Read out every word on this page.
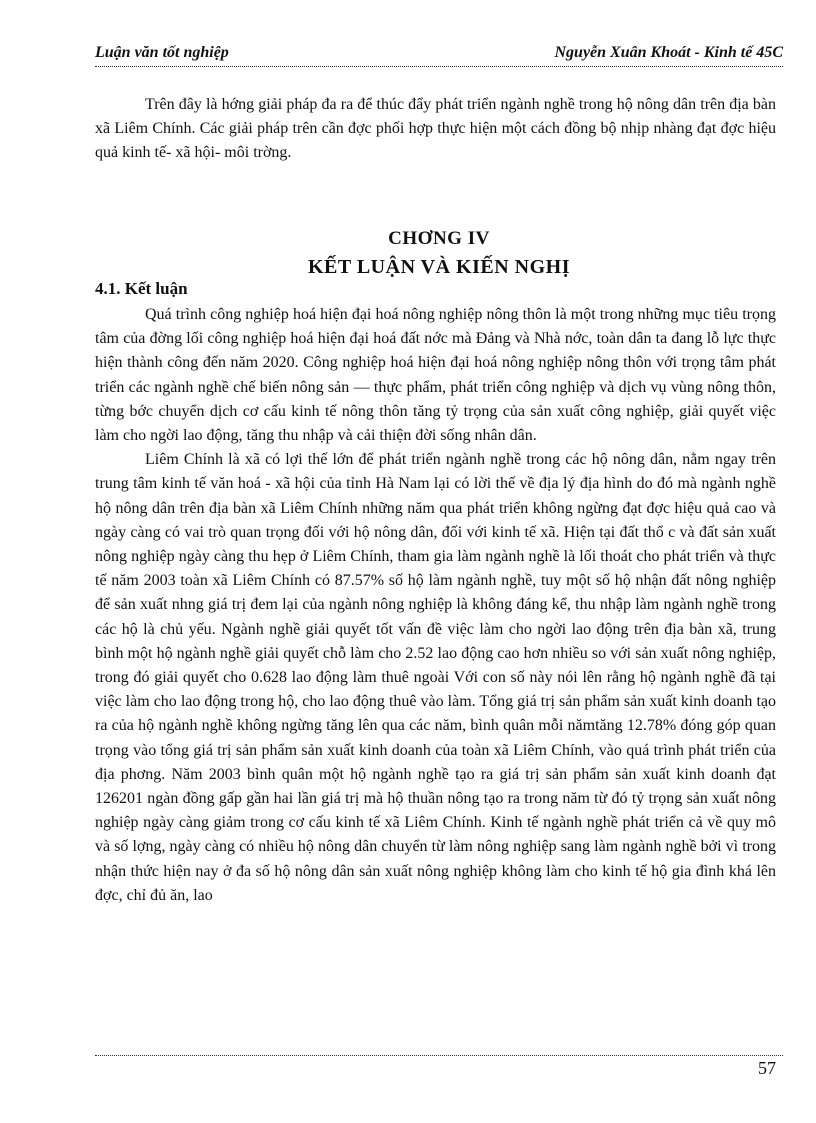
Luận văn tốt nghiệp	Nguyễn Xuân Khoát - Kinh tế 45C

Trên đây là hớng giải pháp đa ra để thúc đẩy phát triển ngành nghề trong hộ nông dân trên địa bàn xã Liêm Chính. Các giải pháp trên cần đợc phối hợp thực hiện một cách đồng bộ nhịp nhàng đạt đợc hiệu quả kinh tế- xã hội- môi trờng.

CHƠNG IV
KẾT LUẬN VÀ KIẾN NGHỊ
4.1. Kết luận

Quá trình công nghiệp hoá hiện đại hoá nông nghiệp nông thôn là một trong những mục tiêu trọng tâm của đờng lối công nghiệp hoá hiện đại hoá đất nớc mà Đảng và Nhà nớc, toàn dân ta đang lỗ lực thực hiện thành công đến năm 2020. Công nghiệp hoá hiện đại hoá nông nghiệp nông thôn với trọng tâm phát triển các ngành nghề chế biến nông sản — thực phẩm, phát triển công nghiệp và dịch vụ vùng nông thôn, từng bớc chuyển dịch cơ cấu kinh tế nông thôn tăng tỷ trọng của sản xuất công nghiệp, giải quyết việc làm cho ngời lao động, tăng thu nhập và cải thiện đời sống nhân dân.

Liêm Chính là xã có lợi thế lớn để phát triển ngành nghề trong các hộ nông dân, nằm ngay trên trung tâm kinh tế văn hoá - xã hội của tỉnh Hà Nam lại có lời thế về địa lý địa hình do đó mà ngành nghề hộ nông dân trên địa bàn xã Liêm Chính những năm qua phát triển không ngừng đạt đợc hiệu quả cao và ngày càng có vai trò quan trọng đối với hộ nông dân, đối với kinh tế xã. Hiện tại đất thổ c và đất sản xuất nông nghiệp ngày càng thu hẹp ở Liêm Chính, tham gia làm ngành nghề là lối thoát cho phát triển và thực tế năm 2003 toàn xã Liêm Chính có 87.57% số hộ làm ngành nghề, tuy một số hộ nhận đất nông nghiệp để sản xuất nhng giá trị đem lại của ngành nông nghiệp là không đáng kể, thu nhập làm ngành nghề trong các hộ là chủ yếu. Ngành nghề giải quyết tốt vấn đề việc làm cho ngời lao động trên địa bàn xã, trung bình một hộ ngành nghề giải quyết chỗ làm cho 2.52 lao động cao hơn nhiều so với sản xuất nông nghiệp, trong đó giải quyết cho 0.628 lao động làm thuê ngoài Với con số này nói lên rằng hộ ngành nghề đã tại việc làm cho lao động trong hộ, cho lao động thuê vào làm. Tổng giá trị sản phẩm sản xuất kinh doanh tạo ra của hộ ngành nghề không ngừng tăng lên qua các năm, bình quân mỗi nămtăng 12.78% đóng góp quan trọng vào tổng giá trị sản phẩm sản xuất kinh doanh của toàn xã Liêm Chính, vào quá trình phát triển của địa phơng. Năm 2003 bình quân một hộ ngành nghề tạo ra giá trị sản phẩm sản xuất kinh doanh đạt 126201 ngàn đồng gấp gần hai lần giá trị mà hộ thuần nông tạo ra trong năm từ đó tỷ trọng sản xuất nông nghiệp ngày càng giảm trong cơ cấu kinh tế xã Liêm Chính. Kinh tế ngành nghề phát triển cả về quy mô và số lợng, ngày càng có nhiều hộ nông dân chuyển từ làm nông nghiệp sang làm ngành nghề bởi vì trong nhận thức hiện nay ở đa số hộ nông dân sản xuất nông nghiệp không làm cho kinh tế hộ gia đình khá lên đợc, chỉ đủ ăn, lao

57
